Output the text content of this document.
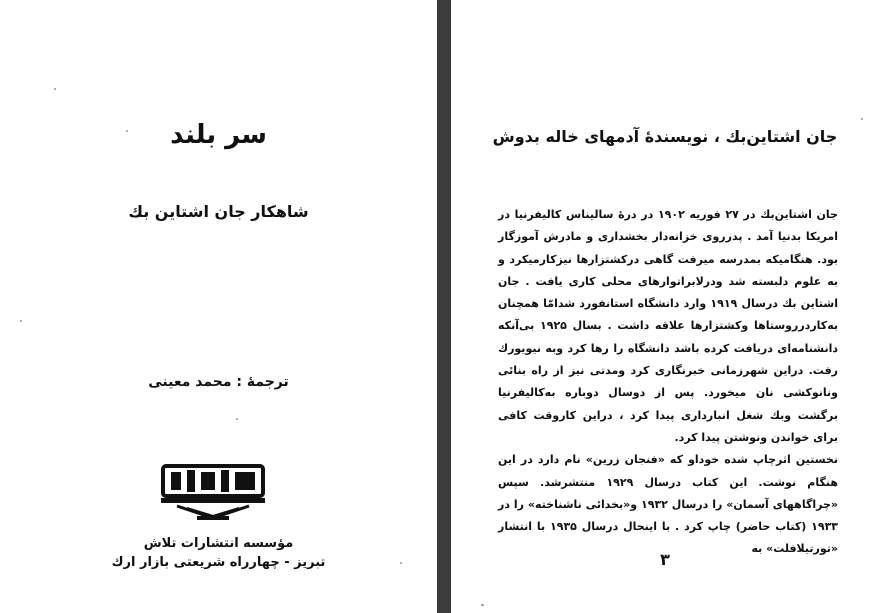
سر بلند
شاهکار جان اشتاین بك
ترجمهٔ : محمد معینی
مؤسسه انتشارات تلاش
تبریز - چهارراه شریعتی بازار ارك
جان اشتاین‌بك ، نویسندهٔ آدمهای خاله بدوش

جان اشتاین‌بك در ۲۷ فوریه ۱۹۰۲ در درهٔ سالیناس کالیفرنیا در امریکا بدنیا آمد . پدرروی خزانه‌دار بخشداری و مادرش آموزگار بود. هنگامیکه بمدرسه میرفت گاهی درکشتزارها نیزکارمیکرد و به علوم دلبسته شد ودرلابراتوارهای محلی کاری یافت . جان اشتاین بك درسال ۱۹۱۹ وارد دانشگاه استانفورد شدامّا همچنان به‌کاردرروستاها وکشتزارها علاقه داشت . بسال ۱۹۲۵ بی‌آنکه دانشنامه‌ای دریافت کرده باشد دانشگاه را رها کرد وبه نیویورك رفت. دراین شهرزمانی خبرنگاری کرد ومدتی نیز از راه بنائی ونانوکشی نان میخورد. پس از دوسال دوباره به‌کالیفرنیا برگشت وبك شغل انبارداری پیدا کرد ، دراین کاروقت کافی برای خواندن ونوشتن پیدا کرد.

نخستین اثرچاپ شده خوداو که «فنجان زرین» نام دارد در این هنگام نوشت. این کتاب درسال ۱۹۲۹ منتشرشد. سپس «چراگاههای آسمان» را درسال ۱۹۳۲ و«بخدائی ناشناخته» را در ۱۹۳۳ (کتاب حاضر) چاپ کرد . با اینحال درسال ۱۹۳۵ با انتشار «تورتیلافلت» به

۳
